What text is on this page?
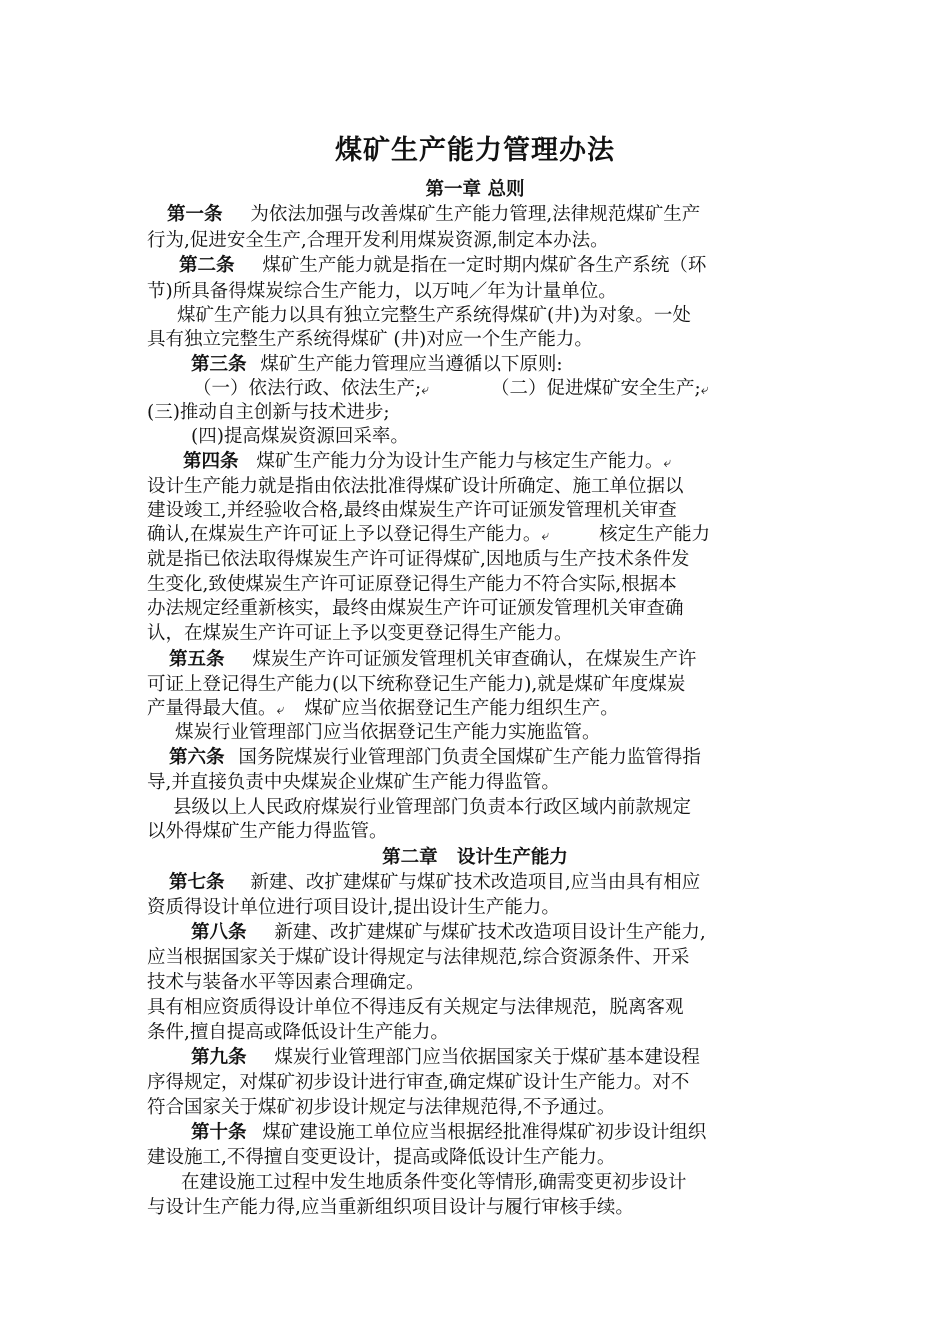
煤矿生产能力管理办法
第一章 总则
第一条 为依法加强与改善煤矿生产能力管理,法律规范煤矿生产
行为,促进安全生产,合理开发利用煤炭资源,制定本办法。
第二条 煤矿生产能力就是指在一定时期内煤矿各生产系统（环
节)所具备得煤炭综合生产能力，以万吨／年为计量单位。
煤矿生产能力以具有独立完整生产系统得煤矿(井)为对象。一处
具有独立完整生产系统得煤矿 (井)对应一个生产能力。
第三条 煤矿生产能力管理应当遵循以下原则:
（一）依法行政、依法生产;⤶	（二）促进煤矿安全生产;⤶
(三)推动自主创新与技术进步;
(四)提高煤炭资源回采率。
第四条 煤矿生产能力分为设计生产能力与核定生产能力。⤶
设计生产能力就是指由依法批准得煤矿设计所确定、施工单位据以
建设竣工,并经验收合格,最终由煤炭生产许可证颁发管理机关审查
确认,在煤炭生产许可证上予以登记得生产能力。⤶	核定生产能力
就是指已依法取得煤炭生产许可证得煤矿,因地质与生产技术条件发
生变化,致使煤炭生产许可证原登记得生产能力不符合实际,根据本
办法规定经重新核实，最终由煤炭生产许可证颁发管理机关审查确
认，在煤炭生产许可证上予以变更登记得生产能力。
第五条 煤炭生产许可证颁发管理机关审查确认，在煤炭生产许
可证上登记得生产能力(以下统称登记生产能力),就是煤矿年度煤炭
产量得最大值。⤶ 煤矿应当依据登记生产能力组织生产。
煤炭行业管理部门应当依据登记生产能力实施监管。
第六条 国务院煤炭行业管理部门负责全国煤矿生产能力监管得指
导,并直接负责中央煤炭企业煤矿生产能力得监管。
县级以上人民政府煤炭行业管理部门负责本行政区域内前款规定
以外得煤矿生产能力得监管。
第二章   设计生产能力
第七条 新建、改扩建煤矿与煤矿技术改造项目,应当由具有相应
资质得设计单位进行项目设计,提出设计生产能力。
第八条 新建、改扩建煤矿与煤矿技术改造项目设计生产能力,
应当根据国家关于煤矿设计得规定与法律规范,综合资源条件、开采
技术与装备水平等因素合理确定。
具有相应资质得设计单位不得违反有关规定与法律规范，脱离客观
条件,擅自提高或降低设计生产能力。
第九条 煤炭行业管理部门应当依据国家关于煤矿基本建设程
序得规定，对煤矿初步设计进行审查,确定煤矿设计生产能力。对不
符合国家关于煤矿初步设计规定与法律规范得,不予通过。
第十条 煤矿建设施工单位应当根据经批准得煤矿初步设计组织
建设施工,不得擅自变更设计，提高或降低设计生产能力。
在建设施工过程中发生地质条件变化等情形,确需变更初步设计
与设计生产能力得,应当重新组织项目设计与履行审核手续。
